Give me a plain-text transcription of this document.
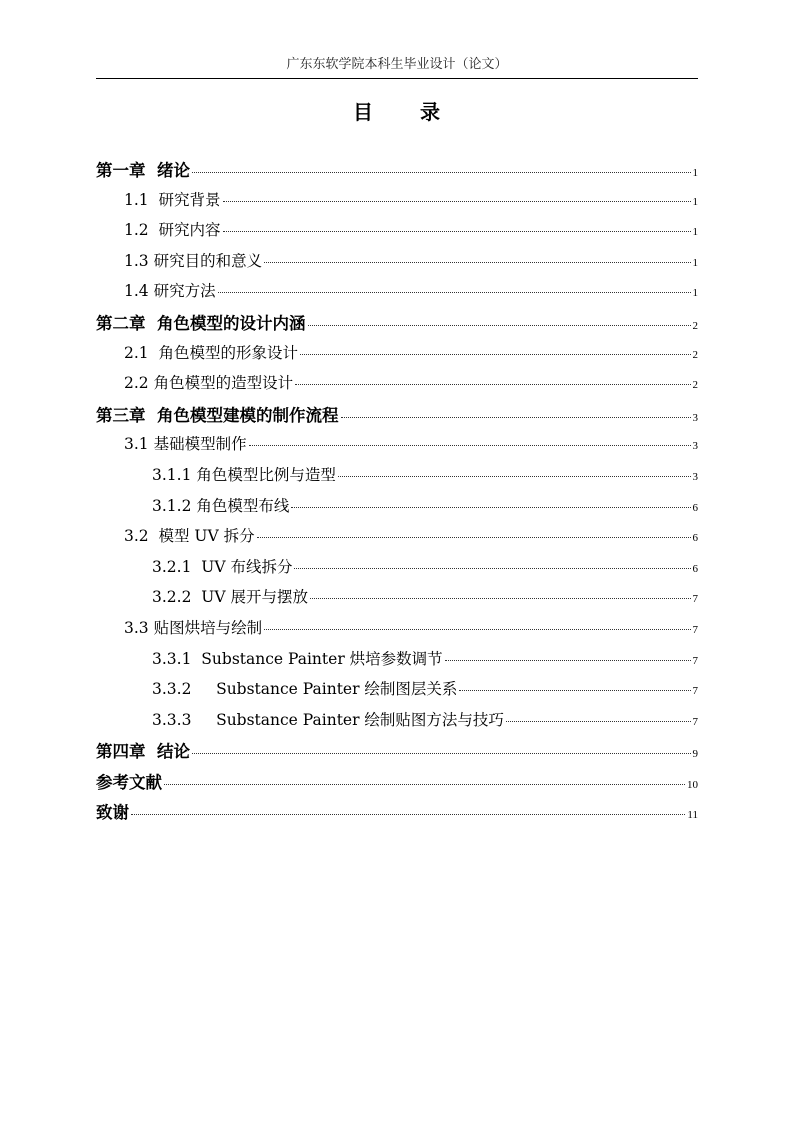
广东东软学院本科生毕业设计（论文）
目 录
第一章  绪论	1
1.1  研究背景	1
1.2  研究内容	1
1.3 研究目的和意义	1
1.4 研究方法	1
第二章  角色模型的设计内涵	2
2.1  角色模型的形象设计	2
2.2 角色模型的造型设计	2
第三章  角色模型建模的制作流程	3
3.1 基础模型制作	3
3.1.1 角色模型比例与造型	3
3.1.2 角色模型布线	6
3.2  模型 UV 拆分	6
3.2.1  UV 布线拆分	6
3.2.2  UV 展开与摆放	7
3.3 贴图烘培与绘制	7
3.3.1  Substance Painter 烘培参数调节	7
3.3.2     Substance Painter 绘制图层关系	7
3.3.3     Substance Painter 绘制贴图方法与技巧	7
第四章  结论	9
参考文献	10
致谢	11
